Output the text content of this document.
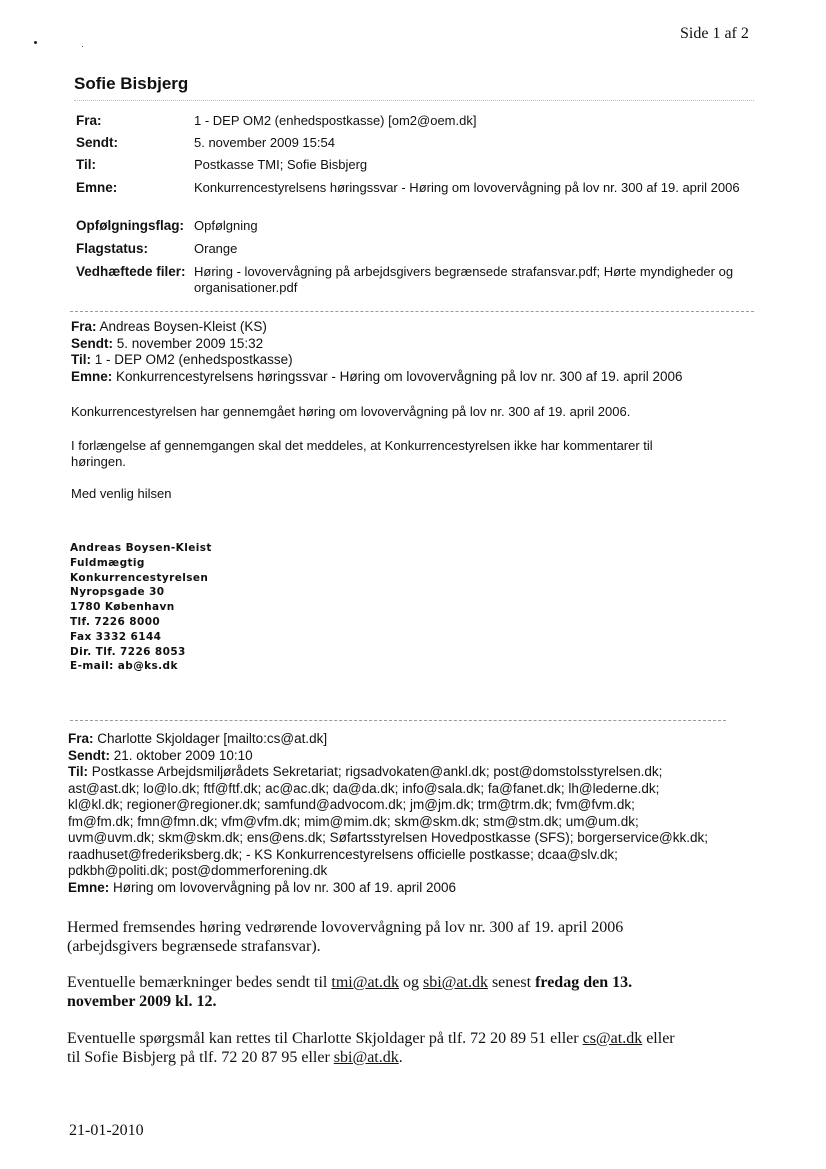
Side 1 af 2
Sofie Bisbjerg
Fra:	1 - DEP OM2 (enhedspostkasse) [om2@oem.dk]
Sendt:	5. november 2009 15:54
Til:	Postkasse TMI; Sofie Bisbjerg
Emne:	Konkurrencestyrelsens høringssvar - Høring om lovovervågning på lov nr. 300 af 19. april 2006
Opfølgningsflag: Opfølgning
Flagstatus:	Orange
Vedhæftede filer: Høring - lovovervågning på arbejdsgivers begrænsede strafansvar.pdf; Hørte myndigheder og organisationer.pdf
Fra: Andreas Boysen-Kleist (KS)
Sendt: 5. november 2009 15:32
Til: 1 - DEP OM2 (enhedspostkasse)
Emne: Konkurrencestyrelsens høringssvar - Høring om lovovervågning på lov nr. 300 af 19. april 2006
Konkurrencestyrelsen har gennemgået høring om lovovervågning på lov nr. 300 af 19. april 2006.
I forlængelse af gennemgangen skal det meddeles, at Konkurrencestyrelsen ikke har kommentarer til
høringen.
Med venlig hilsen
Andreas Boysen-Kleist
Fuldmægtig
Konkurrencestyrelsen
Nyropsgade 30
1780 København
Tlf. 7226 8000
Fax 3332 6144
Dir. Tlf. 7226 8053
E-mail: ab@ks.dk
Fra: Charlotte Skjoldager [mailto:cs@at.dk]
Sendt: 21. oktober 2009 10:10
Til: Postkasse Arbejdsmiljørådets Sekretariat; rigsadvokaten@ankl.dk; post@domstolsstyrelsen.dk;
ast@ast.dk; lo@lo.dk; ftf@ftf.dk; ac@ac.dk; da@da.dk; info@sala.dk; fa@fanet.dk; lh@lederne.dk;
kl@kl.dk; regioner@regioner.dk; samfund@advocom.dk; jm@jm.dk; trm@trm.dk; fvm@fvm.dk;
fm@fm.dk; fmn@fmn.dk; vfm@vfm.dk; mim@mim.dk; skm@skm.dk; stm@stm.dk; um@um.dk;
uvm@uvm.dk; skm@skm.dk; ens@ens.dk; Søfartsstyrelsen Hovedpostkasse (SFS); borgerservice@kk.dk;
raadhuset@frederiksberg.dk; - KS Konkurrencestyrelsens officielle postkasse; dcaa@slv.dk;
pdkbh@politi.dk; post@dommerforening.dk
Emne: Høring om lovovervågning på lov nr. 300 af 19. april 2006
Hermed fremsendes høring vedrørende lovovervågning på lov nr. 300 af 19. april 2006
(arbejdsgivers begrænsede strafansvar).
Eventuelle bemærkninger bedes sendt til tmi@at.dk og sbi@at.dk senest fredag den 13.
november 2009 kl. 12.
Eventuelle spørgsmål kan rettes til Charlotte Skjoldager på tlf. 72 20 89 51 eller cs@at.dk eller
til Sofie Bisbjerg på tlf. 72 20 87 95 eller sbi@at.dk.
21-01-2010
